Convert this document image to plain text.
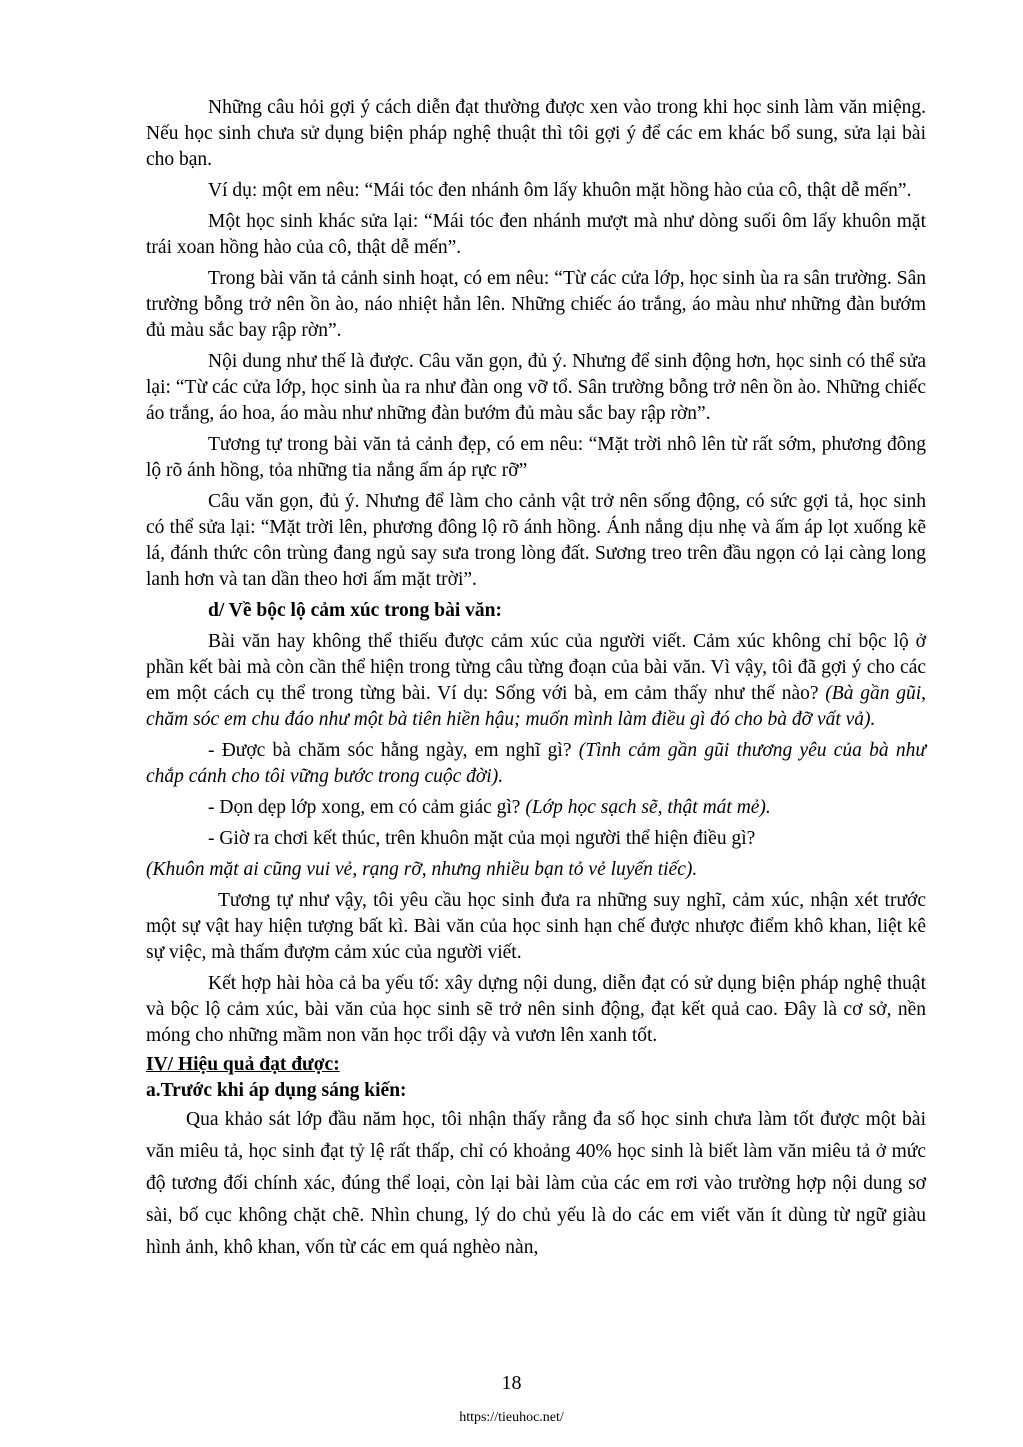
Những câu hỏi gợi ý cách diễn đạt thường được xen vào trong khi học sinh làm văn miệng. Nếu học sinh chưa sử dụng biện pháp nghệ thuật thì tôi gợi ý để các em khác bổ sung, sửa lại bài cho bạn.

Ví dụ: một em nêu: “Mái tóc đen nhánh ôm lấy khuôn mặt hồng hào của cô, thật dễ mến”.

Một học sinh khác sửa lại: “Mái tóc đen nhánh mượt mà như dòng suối ôm lấy khuôn mặt trái xoan hồng hào của cô, thật dễ mến”.

Trong bài văn tả cảnh sinh hoạt, có em nêu: “Từ các cửa lớp, học sinh ùa ra sân trường. Sân trường bỗng trở nên ồn ào, náo nhiệt hẳn lên. Những chiếc áo trắng, áo màu như những đàn bướm đủ màu sắc bay rập rờn”.

Nội dung như thế là được. Câu văn gọn, đủ ý. Nhưng để sinh động hơn, học sinh có thể sửa lại: “Từ các cửa lớp, học sinh ùa ra như đàn ong vỡ tổ. Sân trường bỗng trở nên ồn ào. Những chiếc áo trắng, áo hoa, áo màu như những đàn bướm đủ màu sắc bay rập rờn”.

Tương tự trong bài văn tả cảnh đẹp, có em nêu: “Mặt trời nhô lên từ rất sớm, phương đông lộ rõ ánh hồng, tỏa những tia nắng ấm áp rực rỡ”

Câu văn gọn, đủ ý. Nhưng để làm cho cảnh vật trở nên sống động, có sức gợi tả, học sinh có thể sửa lại: “Mặt trời lên, phương đông lộ rõ ánh hồng. Ánh nắng dịu nhẹ và ấm áp lọt xuống kẽ lá, đánh thức côn trùng đang ngủ say sưa trong lòng đất. Sương treo trên đầu ngọn cỏ lại càng long lanh hơn và tan dần theo hơi ấm mặt trời”.

d/ Về bộc lộ cảm xúc trong bài văn:

Bài văn hay không thể thiếu được cảm xúc của người viết. Cảm xúc không chỉ bộc lộ ở phần kết bài mà còn cần thể hiện trong từng câu từng đoạn của bài văn. Vì vậy, tôi đã gợi ý cho các em một cách cụ thể trong từng bài. Ví dụ: Sống với bà, em cảm thấy như thế nào? (Bà gần gũi, chăm sóc em chu đáo như một bà tiên hiền hậu; muốn mình làm điều gì đó cho bà đỡ vất vả).

- Được bà chăm sóc hằng ngày, em nghĩ gì? (Tình cảm gần gũi thương yêu của bà như chắp cánh cho tôi vững bước trong cuộc đời).

- Dọn dẹp lớp xong, em có cảm giác gì? (Lớp học sạch sẽ, thật mát mẻ).

- Giờ ra chơi kết thúc, trên khuôn mặt của mọi người thể hiện điều gì?

(Khuôn mặt ai cũng vui vẻ, rạng rỡ, nhưng nhiều bạn tỏ vẻ luyến tiếc).

Tương tự như vậy, tôi yêu cầu học sinh đưa ra những suy nghĩ, cảm xúc, nhận xét trước một sự vật hay hiện tượng bất kì. Bài văn của học sinh hạn chế được nhược điểm khô khan, liệt kê sự việc, mà thấm đượm cảm xúc của người viết.

Kết hợp hài hòa cả ba yếu tố: xây dựng nội dung, diễn đạt có sử dụng biện pháp nghệ thuật và bộc lộ cảm xúc, bài văn của học sinh sẽ trở nên sinh động, đạt kết quả cao. Đây là cơ sở, nền móng cho những mầm non văn học trổi dậy và vươn lên xanh tốt.

IV/ Hiệu quả đạt được:

a.Trước khi áp dụng sáng kiến:

Qua khảo sát lớp đầu năm học, tôi nhận thấy rằng đa số học sinh chưa làm tốt được một bài văn miêu tả, học sinh đạt tỷ lệ rất thấp, chỉ có khoảng 40% học sinh là biết làm văn miêu tả ở mức độ tương đối chính xác, đúng thể loại, còn lại bài làm của các em rơi vào trường hợp nội dung sơ sài, bố cục không chặt chẽ. Nhìn chung, lý do chủ yếu là do các em viết văn ít dùng từ ngữ giàu hình ảnh, khô khan, vốn từ các em quá nghèo nàn,

18
https://tieuhoc.net/
